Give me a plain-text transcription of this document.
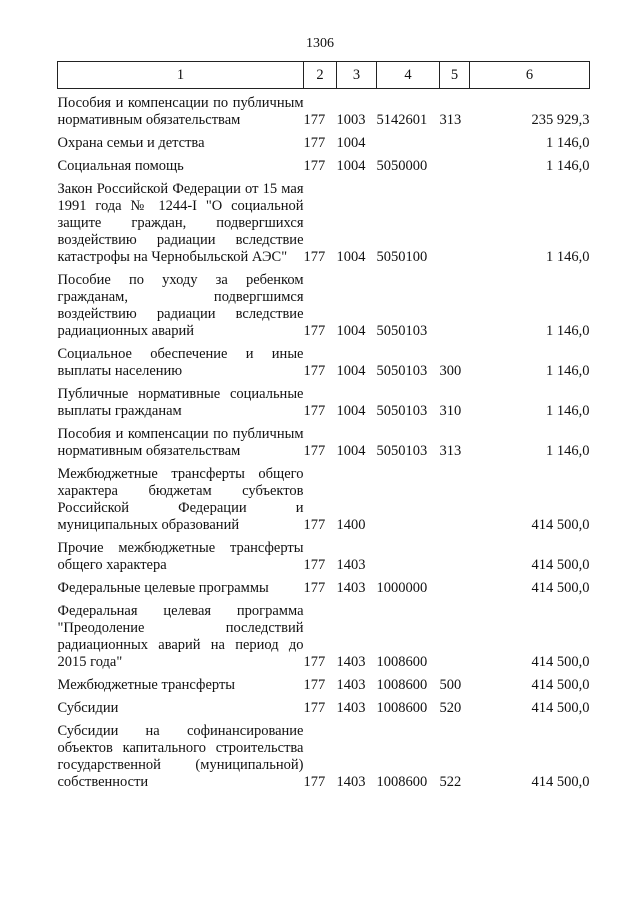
1306
1	2	3	4	5	6
Пособия и компенсации по публичным нормативным обязательствам	177	1003	5142601	313	235 929,3
Охрана семьи и детства	177	1004			1 146,0
Социальная помощь	177	1004	5050000		1 146,0
Закон Российской Федерации от 15 мая 1991 года № 1244-I "О социальной защите граждан, подвергшихся воздействию радиации вследствие катастрофы на Чернобыльской АЭС"	177	1004	5050100		1 146,0
Пособие по уходу за ребенком гражданам, подвергшимся воздействию радиации вследствие радиационных аварий	177	1004	5050103		1 146,0
Социальное обеспечение и иные выплаты населению	177	1004	5050103	300	1 146,0
Публичные нормативные социальные выплаты гражданам	177	1004	5050103	310	1 146,0
Пособия и компенсации по публичным нормативным обязательствам	177	1004	5050103	313	1 146,0
Межбюджетные трансферты общего характера бюджетам субъектов Российской Федерации и муниципальных образований	177	1400			414 500,0
Прочие межбюджетные трансферты общего характера	177	1403			414 500,0
Федеральные целевые программы	177	1403	1000000		414 500,0
Федеральная целевая программа "Преодоление последствий радиационных аварий на период до 2015 года"	177	1403	1008600		414 500,0
Межбюджетные трансферты	177	1403	1008600	500	414 500,0
Субсидии	177	1403	1008600	520	414 500,0
Субсидии на софинансирование объектов капитального строительства государственной (муниципальной) собственности	177	1403	1008600	522	414 500,0
